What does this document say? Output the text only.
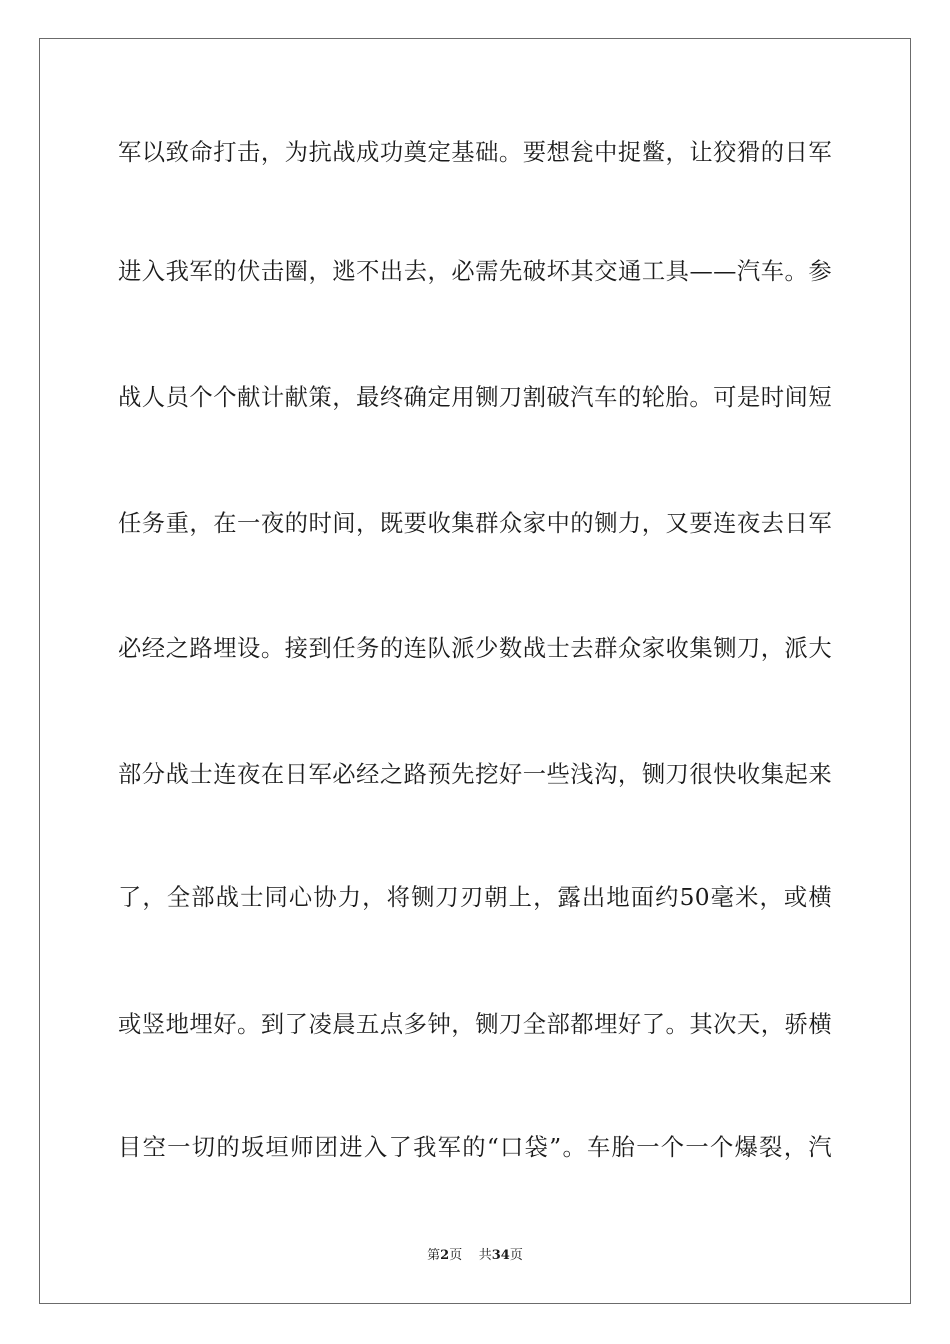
军以致命打击，为抗战成功奠定基础。要想瓮中捉鳖，让狡猾的日军
进入我军的伏击圈，逃不出去，必需先破坏其交通工具——汽车。参
战人员个个献计献策，最终确定用铡刀割破汽车的轮胎。可是时间短
任务重，在一夜的时间，既要收集群众家中的铡力，又要连夜去日军
必经之路埋设。接到任务的连队派少数战士去群众家收集铡刀，派大
部分战士连夜在日军必经之路预先挖好一些浅沟，铡刀很快收集起来
了，全部战士同心协力，将铡刀刃朝上，露出地面约50毫米，或横
或竖地埋好。到了凌晨五点多钟，铡刀全部都埋好了。其次天，骄横
目空一切的坂垣师团进入了我军的“口袋”。车胎一个一个爆裂，汽
第2页 共34页
